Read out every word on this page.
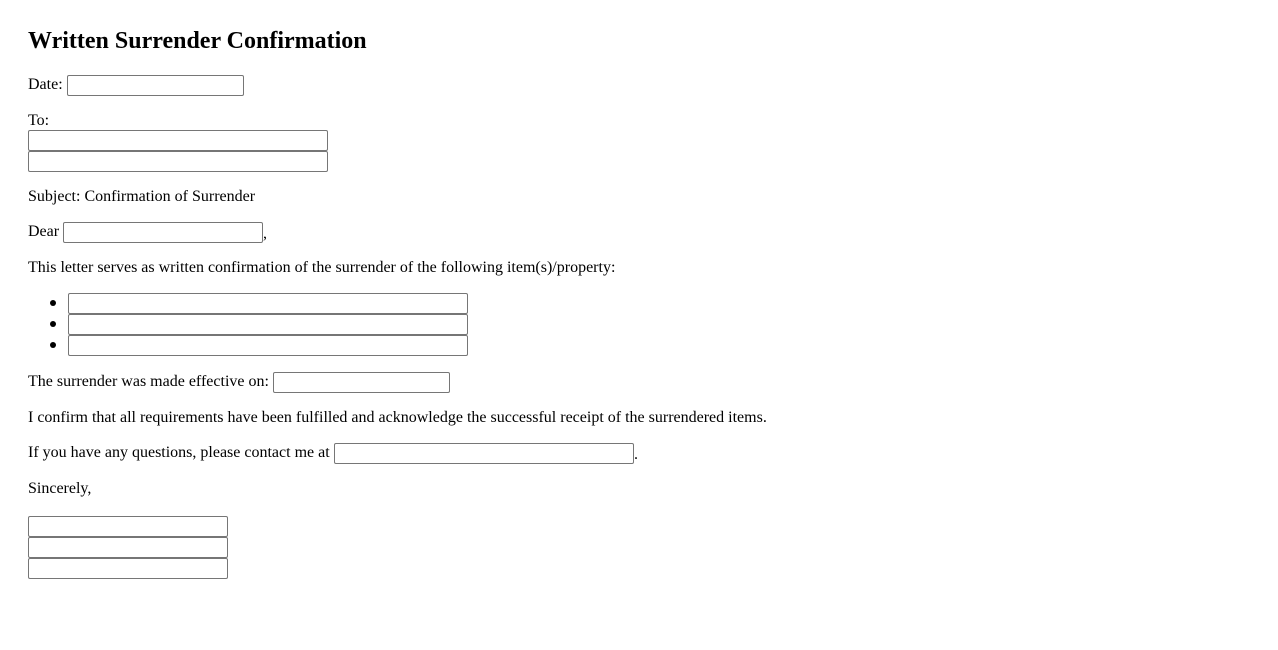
Written Surrender Confirmation
Date:
To:
Subject: Confirmation of Surrender
Dear	,
This letter serves as written confirmation of the surrender of the following item(s)/property:
The surrender was made effective on:
I confirm that all requirements have been fulfilled and acknowledge the successful receipt of the surrendered items.
If you have any questions, please contact me at	.
Sincerely,
